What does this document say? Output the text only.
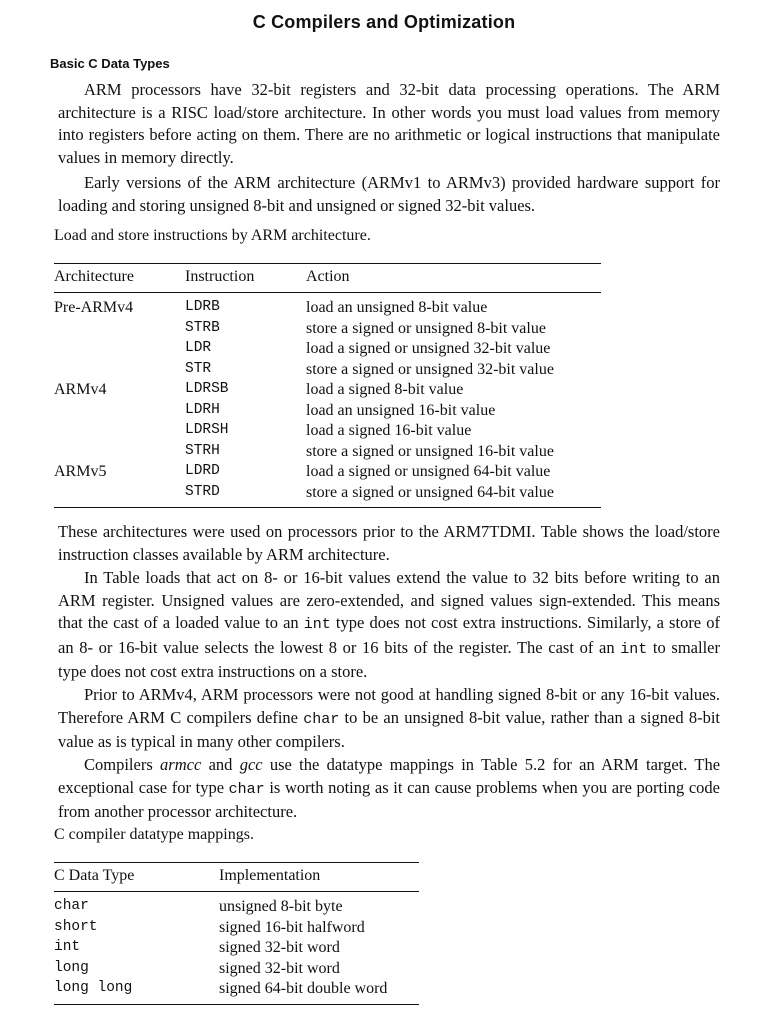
C Compilers and Optimization
Basic C Data Types

ARM processors have 32-bit registers and 32-bit data processing operations. The ARM architecture is a RISC load/store architecture. In other words you must load values from memory into registers before acting on them. There are no arithmetic or logical instructions that manipulate values in memory directly.

Early versions of the ARM architecture (ARMv1 to ARMv3) provided hardware support for loading and storing unsigned 8-bit and unsigned or signed 32-bit values.

Load and store instructions by ARM architecture.
Architecture	Instruction	Action
Pre-ARMv4	LDRB	load an unsigned 8-bit value
	STRB	store a signed or unsigned 8-bit value
	LDR	load a signed or unsigned 32-bit value
	STR	store a signed or unsigned 32-bit value
ARMv4	LDRSB	load a signed 8-bit value
	LDRH	load an unsigned 16-bit value
	LDRSH	load a signed 16-bit value
	STRH	store a signed or unsigned 16-bit value
ARMv5	LDRD	load a signed or unsigned 64-bit value
	STRD	store a signed or unsigned 64-bit value

These architectures were used on processors prior to the ARM7TDMI. Table shows the load/store instruction classes available by ARM architecture.

In Table loads that act on 8- or 16-bit values extend the value to 32 bits before writing to an ARM register. Unsigned values are zero-extended, and signed values sign-extended. This means that the cast of a loaded value to an int type does not cost extra instructions. Similarly, a store of an 8- or 16-bit value selects the lowest 8 or 16 bits of the register. The cast of an int to smaller type does not cost extra instructions on a store.

Prior to ARMv4, ARM processors were not good at handling signed 8-bit or any 16-bit values. Therefore ARM C compilers define char to be an unsigned 8-bit value, rather than a signed 8-bit value as is typical in many other compilers.

Compilers armcc and gcc use the datatype mappings in Table 5.2 for an ARM target. The exceptional case for type char is worth noting as it can cause problems when you are porting code from another processor architecture.

C compiler datatype mappings.
C Data Type	Implementation
char	unsigned 8-bit byte
short	signed 16-bit halfword
int	signed 32-bit word
long	signed 32-bit word
long long	signed 64-bit double word
